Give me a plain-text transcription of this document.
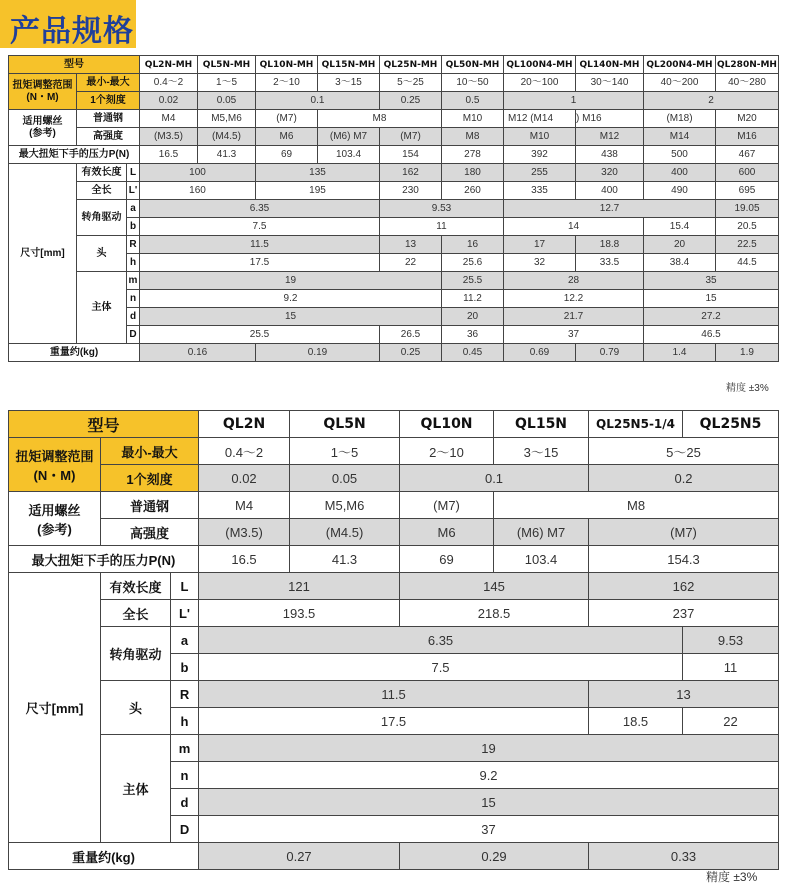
产品规格
型号			QL2N-MH	QL5N-MH	QL10N-MH	QL15N-MH	QL25N-MH	QL50N-MH	QL100N4-MH	QL140N-MH	QL200N4-MH	QL280N-MH
扭矩调整范围
(N・M)	最小-最大		0.4～2	1～5	2～10	3～15	5～25	10～50	20～100	30～140	40～200	40～280
	1个刻度		0.02	0.05	0.1		0.25	0.5	1		2	
适用螺丝
(参考)	普通钢		M4	M5,M6	(M7)	M8		M10	M12 (M14	) M16	(M18)	M20
	高强度		(M3.5)	(M4.5)	M6	(M6) M7	(M7)	M8	M10	M12	M14	M16
最大扭矩下手的压力P(N)			16.5	41.3	69	103.4	154	278	392	438	500	467
尺寸[mm]	有效长度	L	100		135		162	180	255	320	400	600
	全长	L'	160		195		230	260	335	400	490	695
	转角驱动	a	6.35				9.53		12.7			19.05
		b	7.5				11		14		15.4	20.5
	头	R	11.5				13	16	17	18.8	20	22.5
		h	17.5				22	25.6	32	33.5	38.4	44.5
	主体	m	19					25.5	28		35	
		n	9.2					11.2	12.2		15	
		d	15					20	21.7		27.2	
		D	25.5				26.5	36	37		46.5	
重量约(kg)			0.16		0.19		0.25	0.45	0.69	0.79	1.4	1.9
精度 ±3%
型号			QL2N	QL5N	QL10N	QL15N	QL25N5-1/4	QL25N5
扭矩调整范围
(N・M)	最小-最大		0.4～2	1～5	2～10	3～15	5～25	
	1个刻度		0.02	0.05	0.1		0.2	
适用螺丝
(参考)	普通钢		M4	M5,M6	(M7)	M8		
	高强度		(M3.5)	(M4.5)	M6	(M6) M7	(M7)	
最大扭矩下手的压力P(N)			16.5	41.3	69	103.4	154.3	
尺寸[mm]	有效长度	L	121		145		162	
	全长	L'	193.5		218.5		237	
	转角驱动	a	6.35					9.53
		b	7.5					11
	头	R	11.5				13	
		h	17.5				18.5	22
	主体	m	19					
		n	9.2					
		d	15					
		D	37					
重量约(kg)			0.27		0.29		0.33	
精度 ±3%
